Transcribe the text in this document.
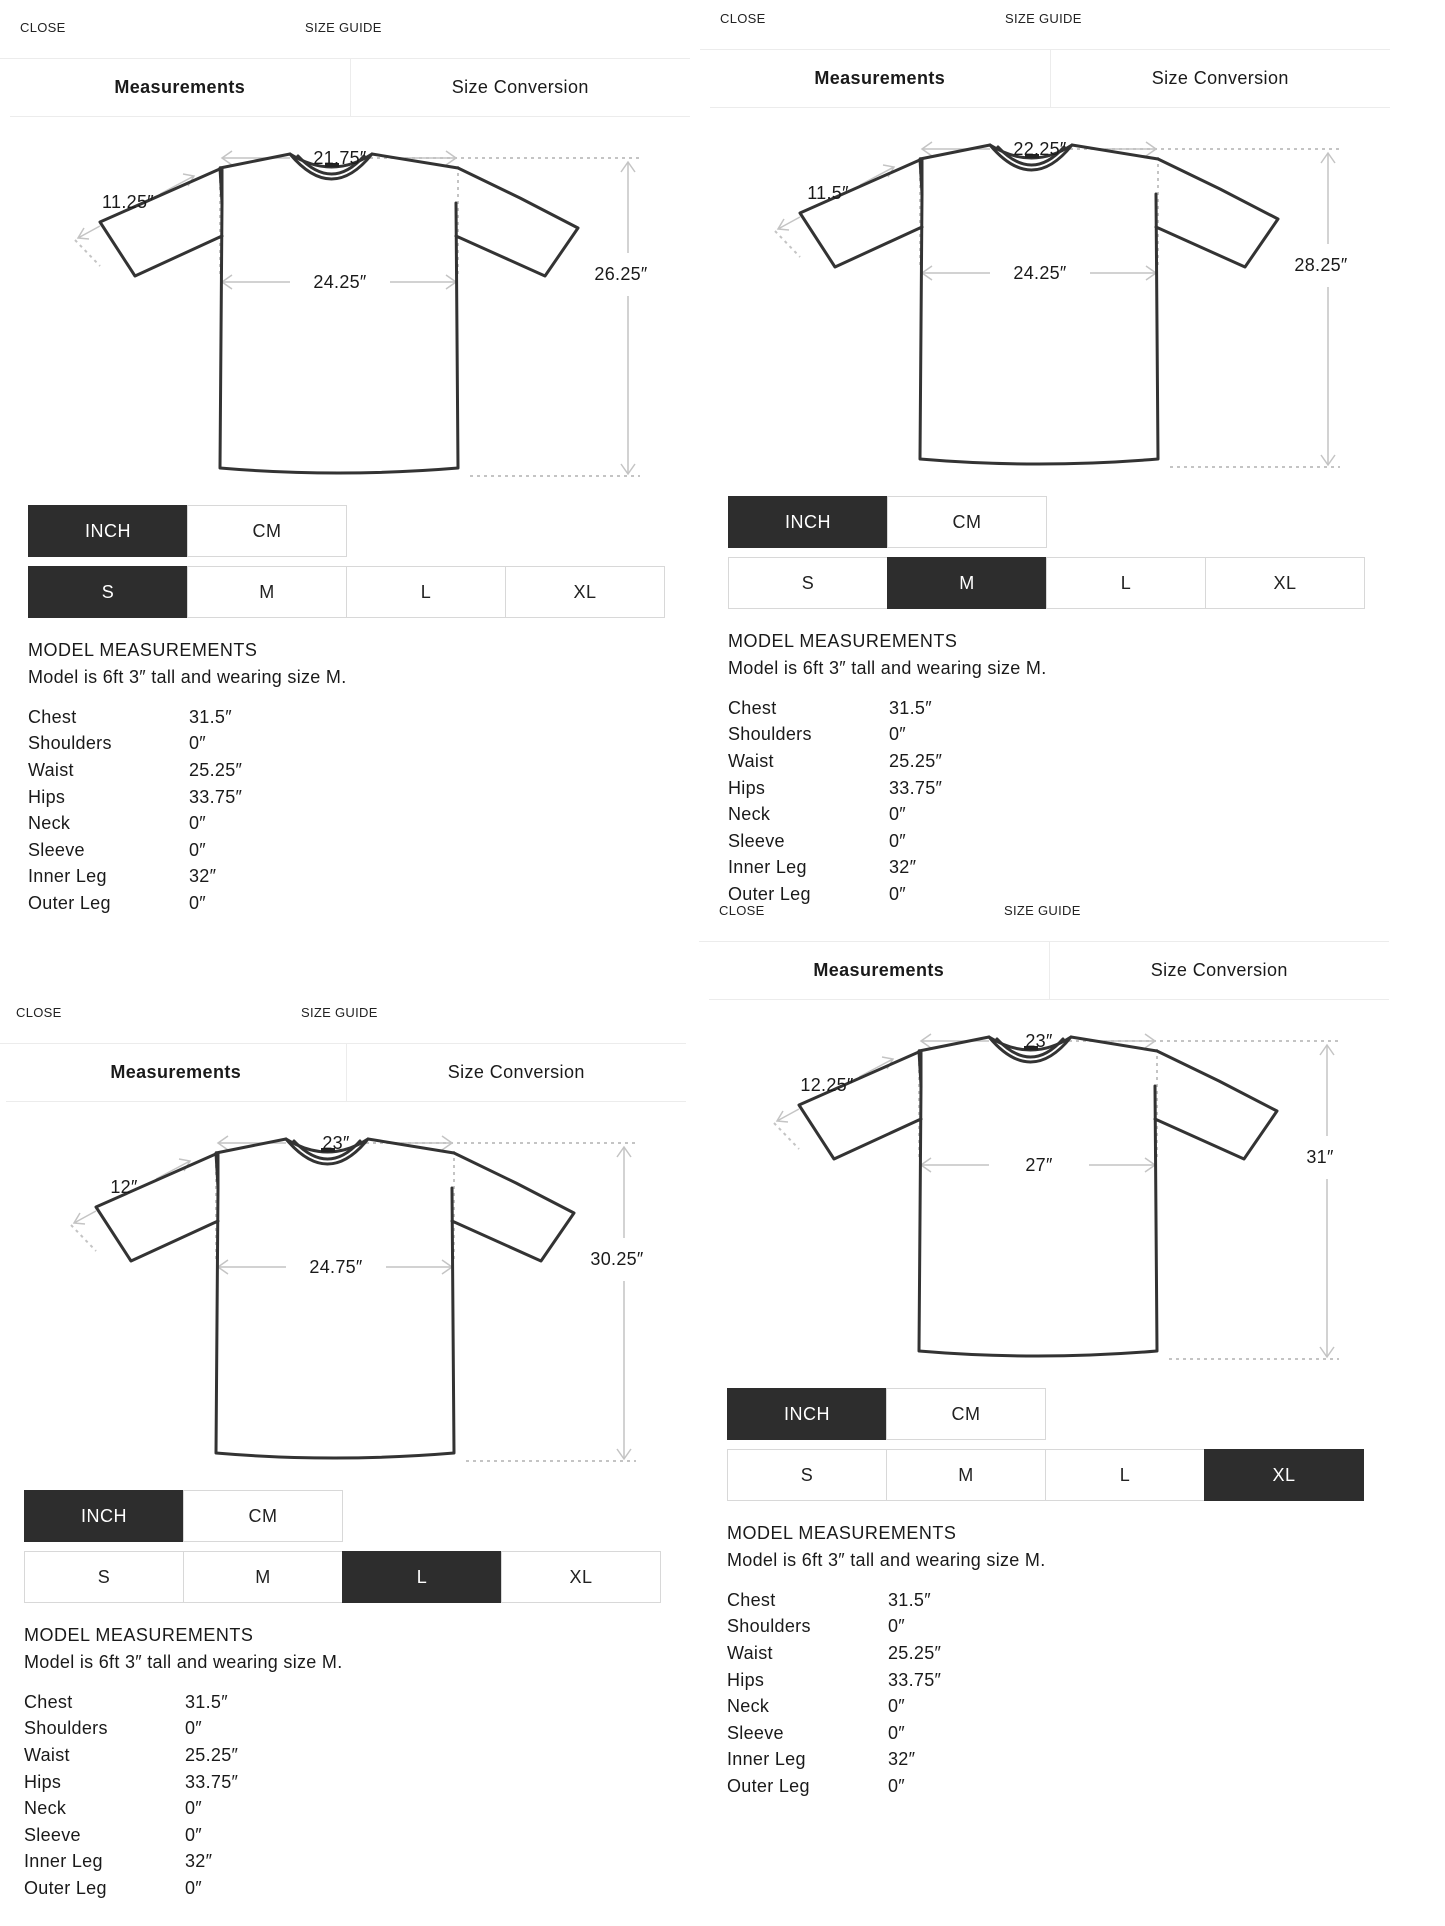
CLOSE	SIZE GUIDE
Measurements	Size Conversion
21.75″
11.25″
24.25″	26.25″
INCH	CM
S	M	L	XL
MODEL MEASUREMENTS
Model is 6ft 3″ tall and wearing size M.
Chest	31.5″
Shoulders	0″
Waist	25.25″
Hips	33.75″
Neck	0″
Sleeve	0″
Inner Leg	32″
Outer Leg	0″
CLOSE	SIZE GUIDE
Measurements	Size Conversion
22.25″
11.5″
24.25″	28.25″
INCH	CM
S	M	L	XL
MODEL MEASUREMENTS
Model is 6ft 3″ tall and wearing size M.
Chest	31.5″
Shoulders	0″
Waist	25.25″
Hips	33.75″
Neck	0″
Sleeve	0″
Inner Leg	32″
Outer Leg	0″
CLOSE	SIZE GUIDE
Measurements	Size Conversion
23″
12″
24.75″	30.25″
INCH	CM
S	M	L	XL
MODEL MEASUREMENTS
Model is 6ft 3″ tall and wearing size M.
Chest	31.5″
Shoulders	0″
Waist	25.25″
Hips	33.75″
Neck	0″
Sleeve	0″
Inner Leg	32″
Outer Leg	0″
CLOSE	SIZE GUIDE
Measurements	Size Conversion
23″
12.25″
27″	31″
INCH	CM
S	M	L	XL
MODEL MEASUREMENTS
Model is 6ft 3″ tall and wearing size M.
Chest	31.5″
Shoulders	0″
Waist	25.25″
Hips	33.75″
Neck	0″
Sleeve	0″
Inner Leg	32″
Outer Leg	0″
